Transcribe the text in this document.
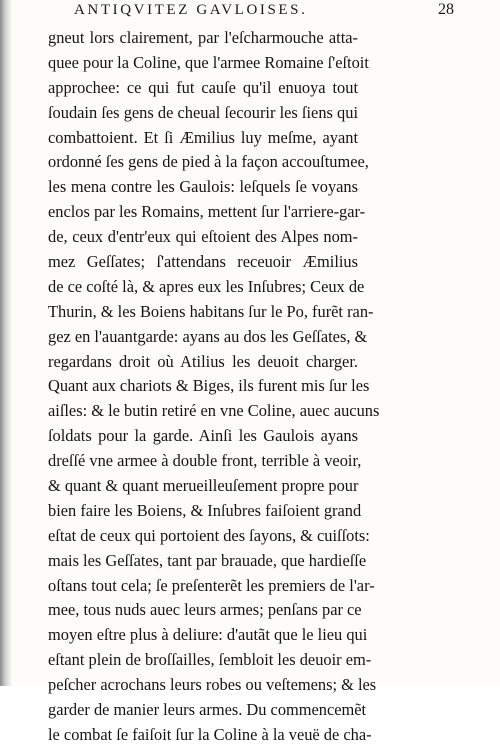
ANTIQVITEZ GAVLOISES.	28
gneut lors clairement, par l'eſcharmouche atta-
quee pour la Coline, que l'armee Romaine ſ'eſtoit
approchee: ce qui fut cauſe qu'il enuoya tout
ſoudain ſes gens de cheual ſecourir les ſiens qui
combattoient. Et ſi Æmilius luy meſme, ayant
ordonné ſes gens de pied à la façon accouſtumee,
les mena contre les Gaulois: leſquels ſe voyans
enclos par les Romains, mettent ſur l'arriere-gar-
de, ceux d'entr'eux qui eſtoient des Alpes nom-
mez Geſſates; ſ'attendans receuoir Æmilius
de ce coſté là, & apres eux les Inſubres; Ceux de
Thurin, & les Boiens habitans ſur le Po, furẽt ran-
gez en l'auantgarde: ayans au dos les Geſſates, &
regardans droit où Atilius les deuoit charger.
Quant aux chariots & Biges, ils furent mis ſur les
aiſles: & le butin retiré en vne Coline, auec aucuns
ſoldats pour la garde. Ainſi les Gaulois ayans
dreſſé vne armee à double front, terrible à veoir,
& quant & quant merueilleuſement propre pour
bien faire les Boiens, & Inſubres faiſoient grand
eſtat de ceux qui portoient des ſayons, & cuiſſots:
mais les Geſſates, tant par brauade, que hardieſſe
oſtans tout cela; ſe preſenterẽt les premiers de l'ar-
mee, tous nuds auec leurs armes; penſans par ce
moyen eſtre plus à deliure: d'autãt que le lieu qui
eſtant plein de broſſailles, ſembloit les deuoir em-
peſcher acrochans leurs robes ou veſtemens; & les
garder de manier leurs armes. Du commencemẽt
le combat ſe faiſoit ſur la Coline à la veuë de cha-
